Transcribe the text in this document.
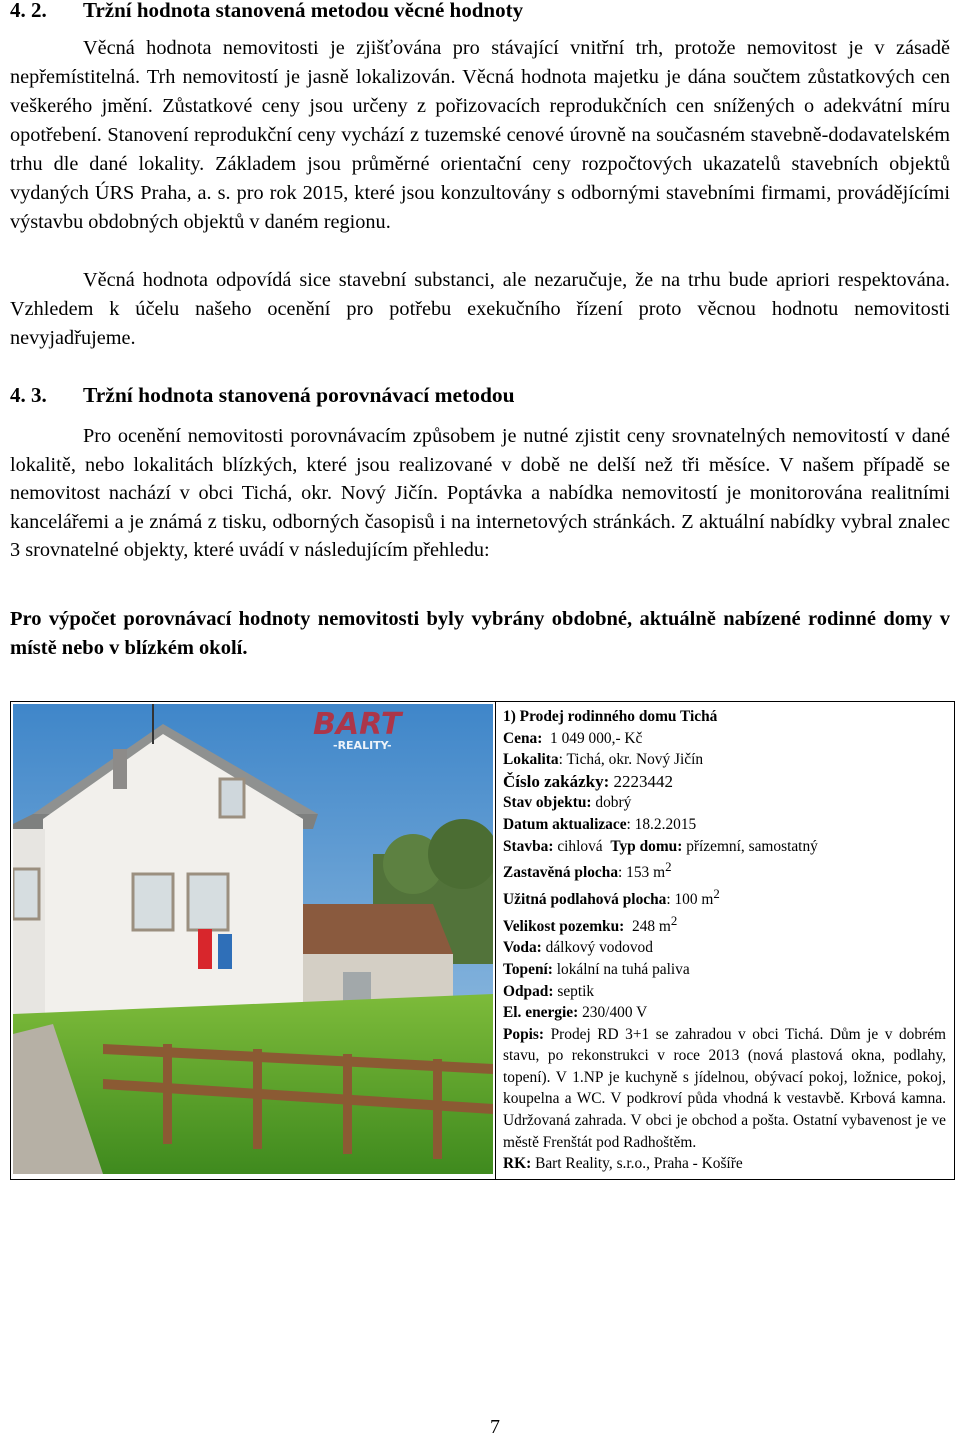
4. 2.	Tržní hodnota stanovená metodou věcné hodnoty

Věcná hodnota nemovitosti je zjišťována pro stávající vnitřní trh, protože nemovitost je v zásadě nepřemístitelná. Trh nemovitostí je jasně lokalizován. Věcná hodnota majetku je dána součtem zůstatkových cen veškerého jmění. Zůstatkové ceny jsou určeny z pořizovacích reprodukčních cen snížených o adekvátní míru opotřebení. Stanovení reprodukční ceny vychází z tuzemské cenové úrovně na současném stavebně-dodavatelském trhu dle dané lokality. Základem jsou průměrné orientační ceny rozpočtových ukazatelů stavebních objektů vydaných ÚRS Praha, a. s. pro rok 2015, které jsou konzultovány s odbornými stavebními firmami, provádějícími výstavbu obdobných objektů v daném regionu.

Věcná hodnota odpovídá sice stavební substanci, ale nezaručuje, že na trhu bude apriori respektována. Vzhledem k účelu našeho ocenění pro potřebu exekučního řízení proto věcnou hodnotu nemovitosti nevyjadřujeme.

4. 3.	Tržní hodnota stanovená porovnávací metodou

Pro ocenění nemovitosti porovnávacím způsobem je nutné zjistit ceny srovnatelných nemovitostí v dané lokalitě, nebo lokalitách blízkých, které jsou realizované v době ne delší než tři měsíce. V našem případě se nemovitost nachází v obci Tichá, okr. Nový Jičín. Poptávka a nabídka nemovitostí je monitorována realitními kancelářemi a je známá z tisku, odborných časopisů i na internetových stránkách. Z aktuální nabídky vybral znalec 3 srovnatelné objekty, které uvádí v následujícím přehledu:

Pro výpočet porovnávací hodnoty nemovitosti byly vybrány obdobné, aktuálně nabízené rodinné domy v místě nebo v blízkém okolí.

BART
-REALITY-

1) Prodej rodinného domu Tichá
Cena: 1 049 000,- Kč
Lokalita: Tichá, okr. Nový Jičín
Číslo zakázky: 2223442
Stav objektu: dobrý
Datum aktualizace: 18.2.2015
Stavba: cihlová Typ domu: přízemní, samostatný
Zastavěná plocha: 153 $m^2$
Užitná podlahová plocha: 100 $m^2$
Velikost pozemku: 248 $m^2$
Voda: dálkový vodovod
Topení: lokální na tuhá paliva
Odpad: septik
El. energie: 230/400 V
Popis: Prodej RD 3+1 se zahradou v obci Tichá. Dům je v dobrém stavu, po rekonstrukci v roce 2013 (nová plastová okna, podlahy, topení). V 1.NP je kuchyně s jídelnou, obývací pokoj, ložnice, pokoj, koupelna a WC. V podkroví půda vhodná k vestavbě. Krbová kamna. Udržovaná zahrada. V obci je obchod a pošta. Ostatní vybavenost je ve městě Frenštát pod Radhoštěm.
RK: Bart Reality, s.r.o., Praha - Košíře
7
